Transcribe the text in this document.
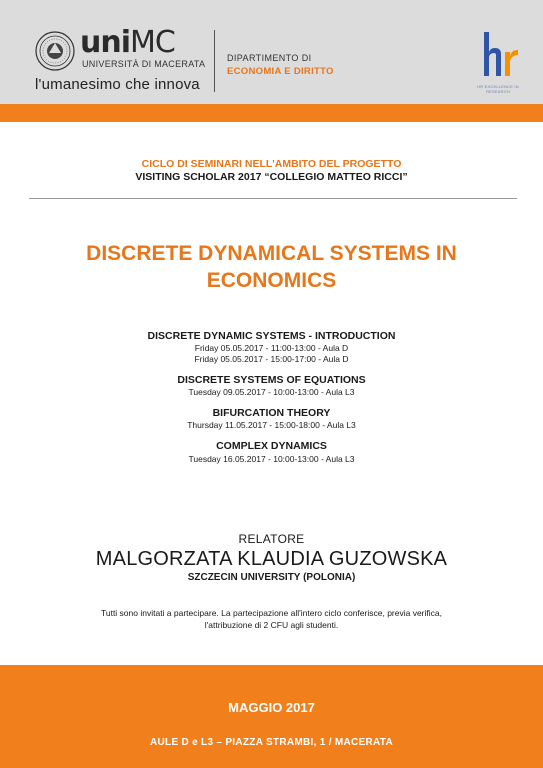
uniMC
UNIVERSITÀ DI MACERATA
l'umanesimo che innova
DIPARTIMENTO DI
ECONOMIA E DIRITTO
HR EXCELLENCE IN RESEARCH
CICLO DI SEMINARI NELL'AMBITO DEL PROGETTO
VISITING SCHOLAR 2017 “COLLEGIO MATTEO RICCI”
DISCRETE DYNAMICAL SYSTEMS IN
ECONOMICS
DISCRETE DYNAMIC SYSTEMS - INTRODUCTION
Friday 05.05.2017 - 11:00-13:00 - Aula D
Friday 05.05.2017 - 15:00-17:00 - Aula D
DISCRETE SYSTEMS OF EQUATIONS
Tuesday 09.05.2017 - 10:00-13:00 - Aula L3
BIFURCATION THEORY
Thursday 11.05.2017 - 15:00-18:00 - Aula L3
COMPLEX DYNAMICS
Tuesday 16.05.2017 - 10:00-13:00 - Aula L3
RELATORE
MALGORZATA KLAUDIA GUZOWSKA
SZCZECIN UNIVERSITY (POLONIA)
Tutti sono invitati a partecipare. La partecipazione all'intero ciclo conferisce, previa verifica,
l'attribuzione di 2 CFU agli studenti.
MAGGIO 2017
AULE D e L3 – PIAZZA STRAMBI, 1 / MACERATA
